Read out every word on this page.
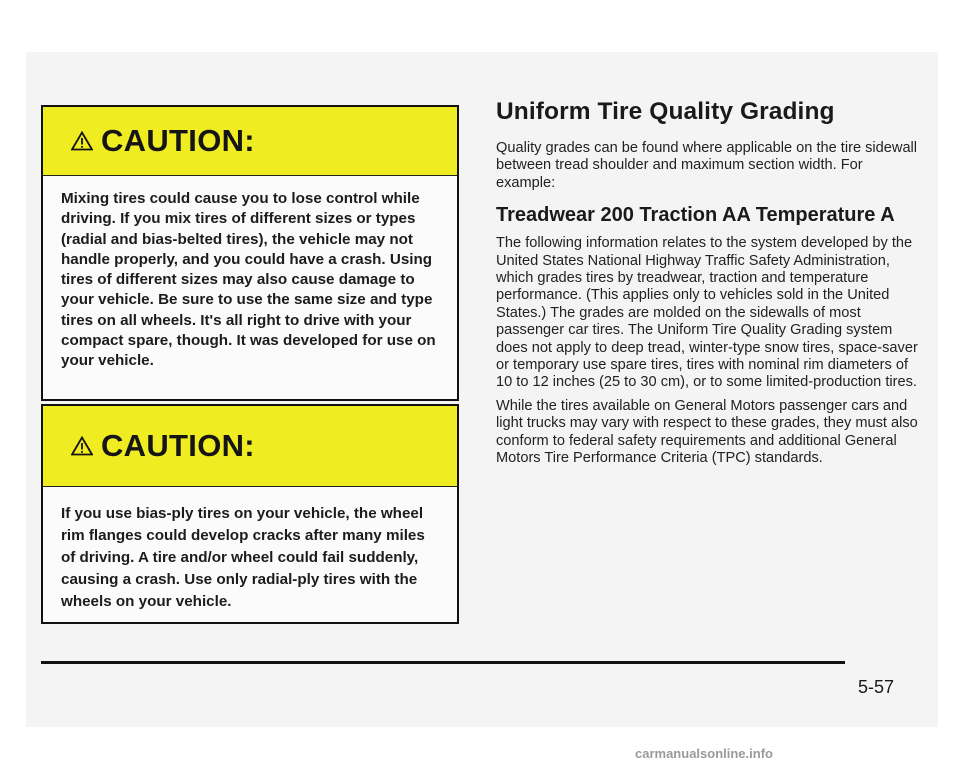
CAUTION:
Mixing tires could cause you to lose control while driving. If you mix tires of different sizes or types (radial and bias-belted tires), the vehicle may not handle properly, and you could have a crash. Using tires of different sizes may also cause damage to your vehicle. Be sure to use the same size and type tires on all wheels. It's all right to drive with your compact spare, though. It was developed for use on your vehicle.
CAUTION:
If you use bias-ply tires on your vehicle, the wheel rim flanges could develop cracks after many miles of driving. A tire and/or wheel could fail suddenly, causing a crash. Use only radial-ply tires with the wheels on your vehicle.
Uniform Tire Quality Grading

Quality grades can be found where applicable on the tire sidewall between tread shoulder and maximum section width. For example:

Treadwear 200 Traction AA Temperature A

The following information relates to the system developed by the United States National Highway Traffic Safety Administration, which grades tires by treadwear, traction and temperature performance. (This applies only to vehicles sold in the United States.) The grades are molded on the sidewalls of most passenger car tires. The Uniform Tire Quality Grading system does not apply to deep tread, winter-type snow tires, space-saver or temporary use spare tires, tires with nominal rim diameters of 10 to 12 inches (25 to 30 cm), or to some limited-production tires.

While the tires available on General Motors passenger cars and light trucks may vary with respect to these grades, they must also conform to federal safety requirements and additional General Motors Tire Performance Criteria (TPC) standards.

5-57
carmanualsonline.info
